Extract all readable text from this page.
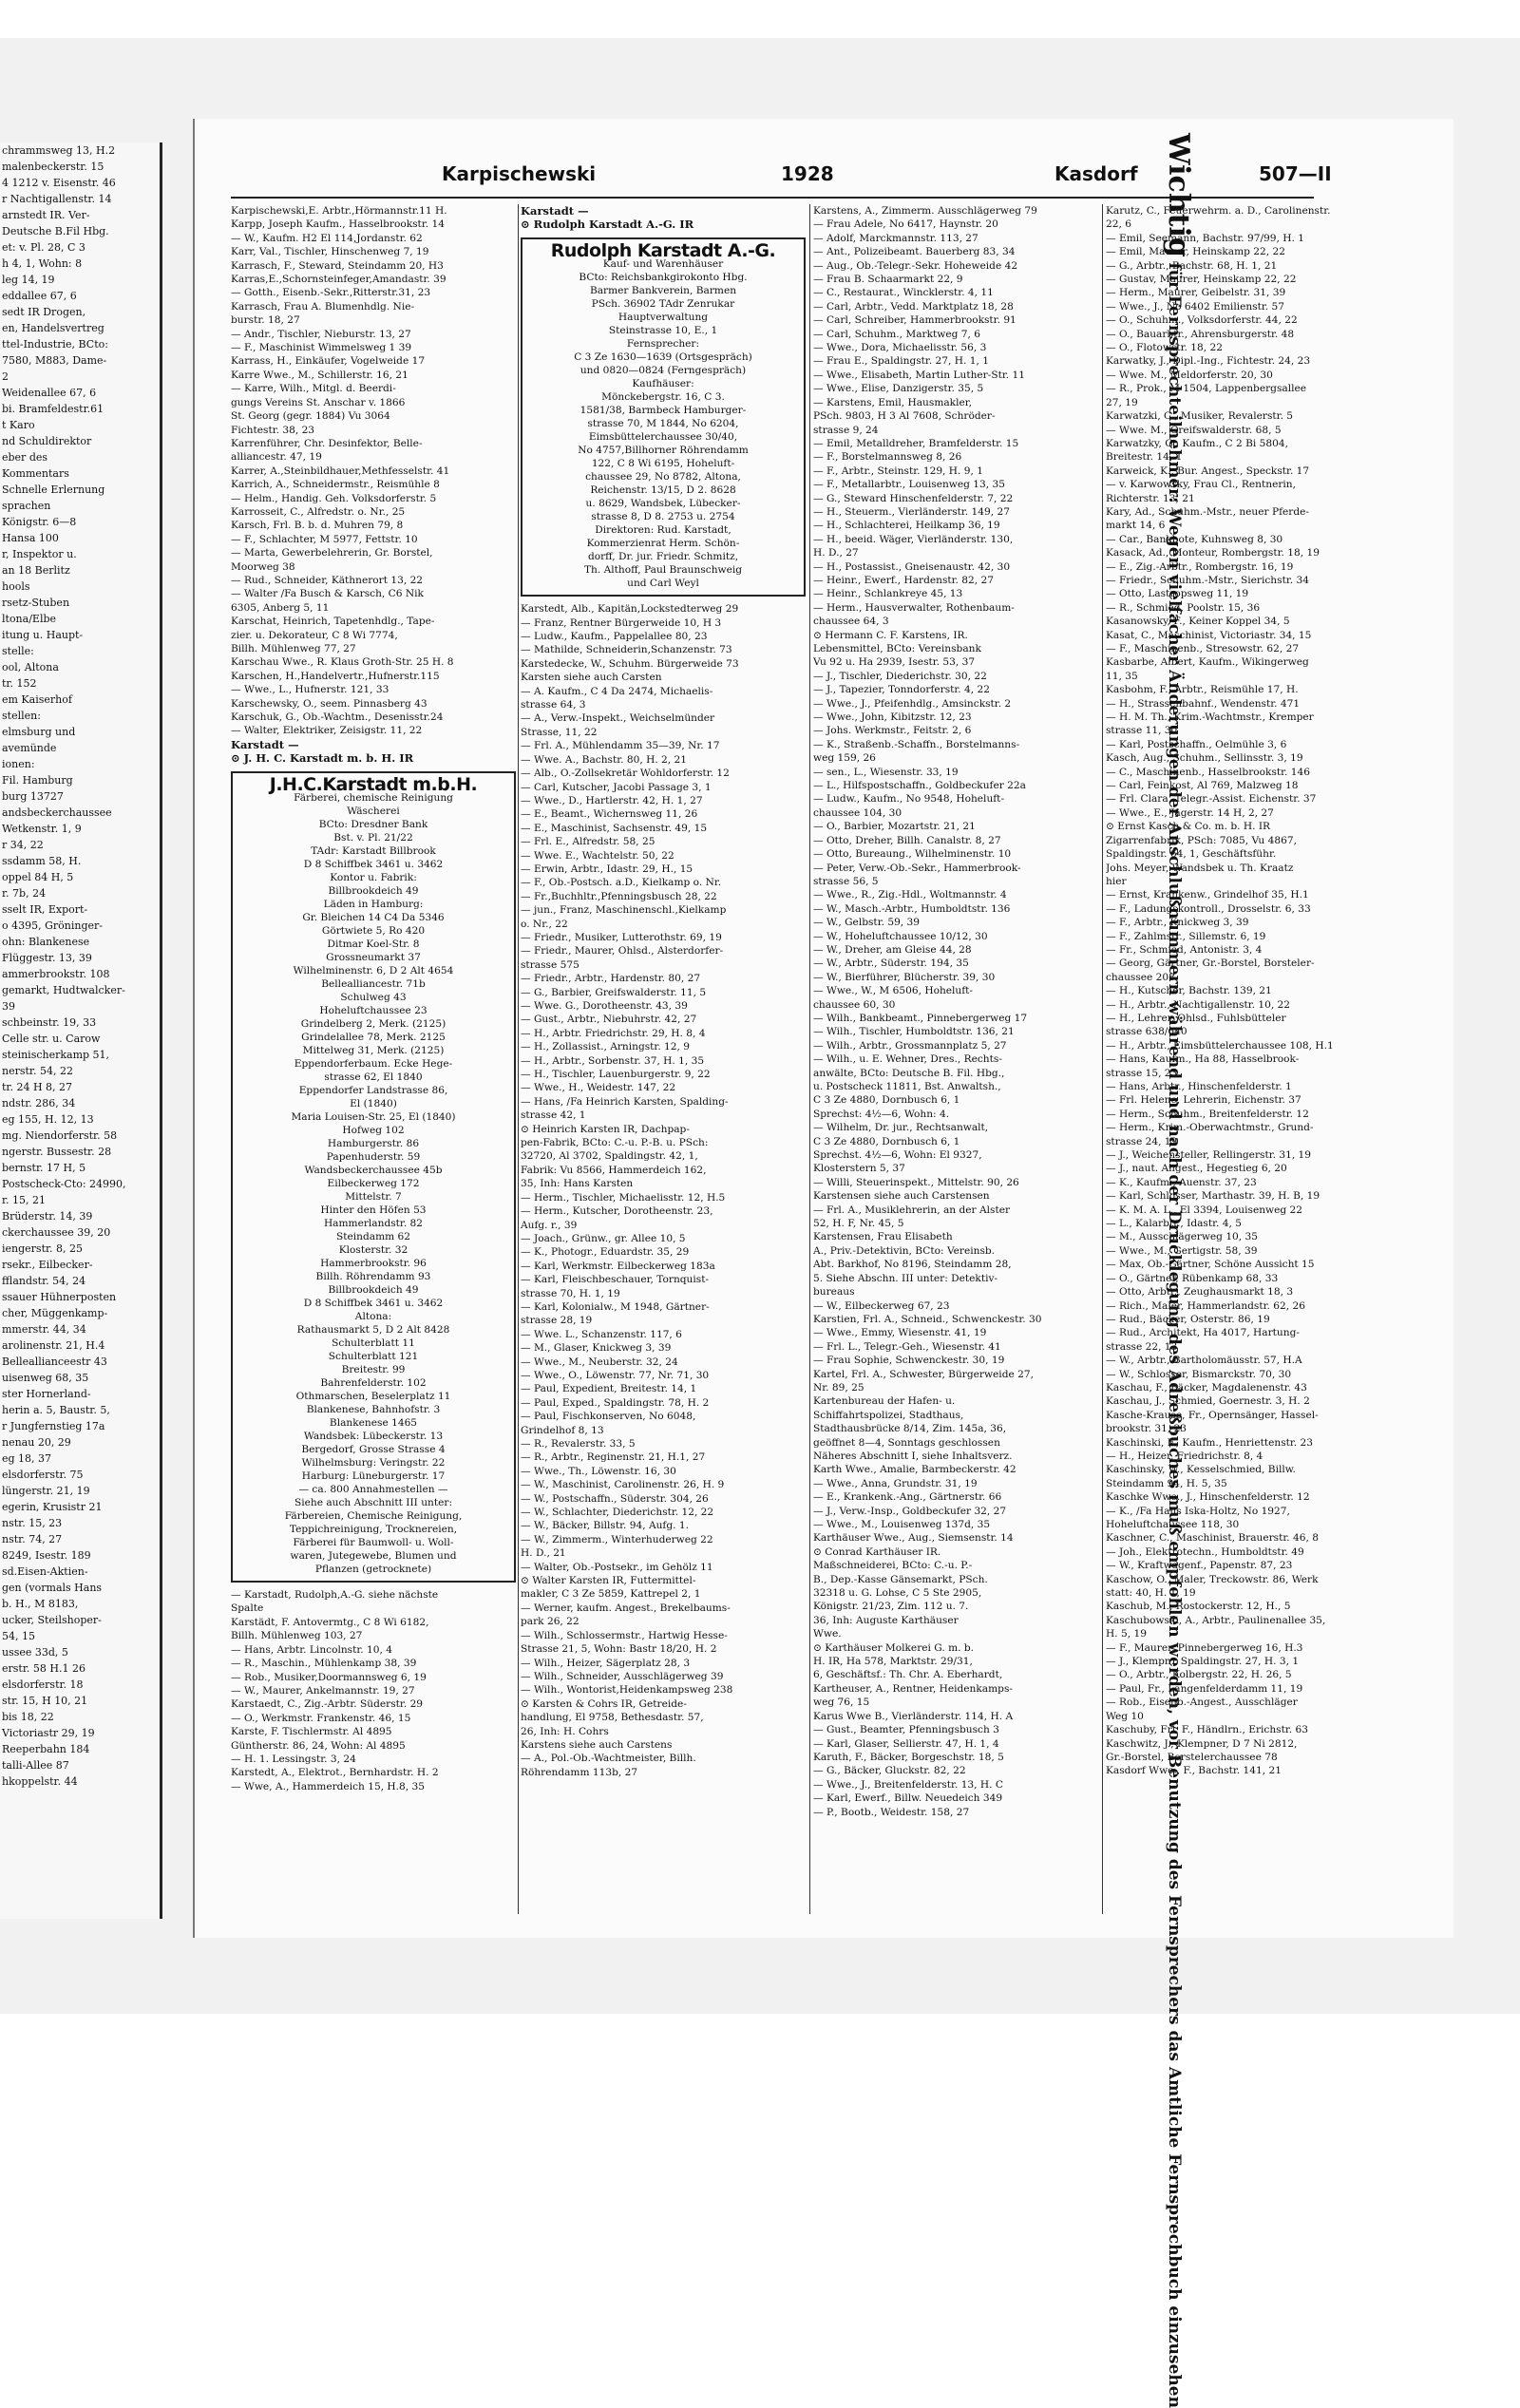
chrammsweg 13, H.2
malenbeckerstr. 15
4 1212 v. Eisenstr. 46
r Nachtigallenstr. 14
arnstedt IR. Ver-
Deutsche B.Fil Hbg.
et: v. Pl. 28, C 3
h 4, 1, Wohn: 8
leg 14, 19
eddallee 67, 6
sedt IR Drogen,
en, Handelsvertreg
ttel-Industrie, BCto:
7580, M883, Dame-
2
Weidenallee 67, 6
bi. Bramfeldestr.61
t Karo
nd Schuldirektor
eber des
Kommentars
Schnelle Erlernung
sprachen
Königstr. 6—8
Hansa 100
r, Inspektor u.
an 18 Berlitz
hools
rsetz-Stuben
ltona/Elbe
itung u. Haupt-
stelle:
ool, Altona
tr. 152
em Kaiserhof
stellen:
elmsburg und
avemünde
ionen:
Fil. Hamburg
burg 13727
andsbeckerchaussee
Wetkenstr. 1, 9
r 34, 22
ssdamm 58, H.
oppel 84 H, 5
r. 7b, 24
sselt IR, Export-
o 4395, Gröninger-
ohn: Blankenese
Flüggestr. 13, 39
ammerbrookstr. 108
gemarkt, Hudtwalcker-
39
schbeinstr. 19, 33
Celle str. u. Carow
steinischerkamp 51,
nerstr. 54, 22
tr. 24 H 8, 27
ndstr. 286, 34
eg 155, H. 12, 13
mg. Niendorferstr. 58
ngerstr. Bussestr. 28
bernstr. 17 H, 5
Postscheck-Cto: 24990,
r. 15, 21
Brüderstr. 14, 39
ckerchaussee 39, 20
iengerstr. 8, 25
rsekr., Eilbecker-
fflandstr. 54, 24
ssauer Hühnerposten
cher, Müggenkamp-
mmerstr. 44, 34
arolinenstr. 21, H.4
Belleallianceestr 43
uisenweg 68, 35
ster Hornerland-
herin a. 5, Baustr. 5,
r Jungfernstieg 17a
nenau 20, 29
eg 18, 37
elsdorferstr. 75
lüngerstr. 21, 19
egerin, Krusistr 21
nstr. 15, 23
nstr. 74, 27
8249, Isestr. 189
sd.Eisen-Aktien-
gen (vormals Hans
b. H., M 8183,
ucker, Steilshoper-
54, 15
ussee 33d, 5
erstr. 58 H.1 26
elsdorferstr. 18
str. 15, H 10, 21
bis 18, 22
Victoriastr 29, 19
Reeperbahn 184
talli-Allee 87
hkoppelstr. 44
Karpischewski	1928	Kasdorf	507—II
Karpischewski,E. Arbtr.,Hörmannstr.11 H.
Karpp, Joseph Kaufm., Hasselbrookstr. 14
— W., Kaufm. H2 El 114,Jordanstr. 62
Karr, Val., Tischler, Hinschenweg 7, 19
Karrasch, F., Steward, Steindamm 20, H3
Karras,E.,Schornsteinfeger,Amandastr. 39
— Gotth., Eisenb.-Sekr.,Ritterstr.31, 23
Karrasch, Frau A. Blumenhdlg. Nie-
burstr. 18, 27
— Andr., Tischler, Nieburstr. 13, 27
— F., Maschinist Wimmelsweg 1 39
Karrass, H., Einkäufer, Vogelweide 17
Karre Wwe., M., Schillerstr. 16, 21
— Karre, Wilh., Mitgl. d. Beerdi-
gungs Vereins St. Anschar v. 1866
St. Georg (gegr. 1884) Vu 3064
Fichtestr. 38, 23
Karrenführer, Chr. Desinfektor, Belle-
alliancestr. 47, 19
Karrer, A.,Steinbildhauer,Methfesselstr. 41
Karrich, A., Schneidermstr., Reismühle 8
— Helm., Handig. Geh. Volksdorferstr. 5
Karrosseit, C., Alfredstr. o. Nr., 25
Karsch, Frl. B. b. d. Muhren 79, 8
— F., Schlachter, M 5977, Fettstr. 10
— Marta, Gewerbelehrerin, Gr. Borstel,
Moorweg 38
— Rud., Schneider, Käthnerort 13, 22
— Walter /Fa Busch & Karsch, C6 Nik
6305, Anberg 5, 11
Karschat, Heinrich, Tapetenhdlg., Tape-
zier. u. Dekorateur, C 8 Wi 7774,
Billh. Mühlenweg 77, 27
Karschau Wwe., R. Klaus Groth-Str. 25 H. 8
Karschen, H.,Handelvertr.,Hufnerstr.115
— Wwe., L., Hufnerstr. 121, 33
Karschewsky, O., seem. Pinnasberg 43
Karschuk, G., Ob.-Wachtm., Desenisstr.24
— Walter, Elektriker, Zeisigstr. 11, 22
Karstadt —
⊙ J. H. C. Karstadt m. b. H. IR
J.H.C.Karstadt m.b.H.
Färberei, chemische Reinigung
Wäscherei
BCto: Dresdner Bank
Bst. v. Pl. 21/22
TAdr: Karstadt Billbrook
D 8 Schiffbek 3461 u. 3462
Kontor u. Fabrik:
Billbrookdeich 49
Läden in Hamburg:
Gr. Bleichen 14 C4 Da 5346
Görtwiete 5, Ro 420
Ditmar Koel-Str. 8
Grossneumarkt 37
Wilhelminenstr. 6, D 2 Alt 4654
Bellealliancestr. 71b
Schulweg 43
Hoheluftchaussee 23
Grindelberg 2, Merk. (2125)
Grindelallee 78, Merk. 2125
Mittelweg 31, Merk. (2125)
Eppendorferbaum. Ecke Hege-
strasse 62, El 1840
Eppendorfer Landstrasse 86,
El (1840)
Maria Louisen-Str. 25, El (1840)
Hofweg 102
Hamburgerstr. 86
Papenhuderstr. 59
Wandsbeckerchaussee 45b
Eilbeckerweg 172
Mittelstr. 7
Hinter den Höfen 53
Hammerlandstr. 82
Steindamm 62
Klosterstr. 32
Hammerbrookstr. 96
Billh. Röhrendamm 93
Billbrookdeich 49
D 8 Schiffbek 3461 u. 3462
Altona:
Rathausmarkt 5, D 2 Alt 8428
Schulterblatt 11
Schulterblatt 121
Breitestr. 99
Bahrenfelderstr. 102
Othmarschen, Beselerplatz 11
Blankenese, Bahnhofstr. 3
Blankenese 1465
Wandsbek: Lübeckerstr. 13
Bergedorf, Grosse Strasse 4
Wilhelmsburg: Veringstr. 22
Harburg: Lüneburgerstr. 17
— ca. 800 Annahmestellen —
Siehe auch Abschnitt III unter:
Färbereien, Chemische Reinigung,
Teppichreinigung, Trocknereien,
Färberei für Baumwoll- u. Woll-
waren, Jutegewebe, Blumen und
Pflanzen (getrocknete)
— Karstadt, Rudolph,A.-G. siehe nächste
Spalte
Karstädt, F. Antovermtg., C 8 Wi 6182,
Billh. Mühlenweg 103, 27
— Hans, Arbtr. Lincolnstr. 10, 4
— R., Maschin., Mühlenkamp 38, 39
— Rob., Musiker,Doormannsweg 6, 19
— W., Maurer, Ankelmannstr. 19, 27
Karstaedt, C., Zig.-Arbtr. Süderstr. 29
— O., Werkmstr. Frankenstr. 46, 15
Karste, F. Tischlermstr. Al 4895
Güntherstr. 86, 24, Wohn: Al 4895
— H. 1. Lessingstr. 3, 24
Karstedt, A., Elektrot., Bernhardstr. H. 2
— Wwe, A., Hammerdeich 15, H.8, 35
Karstadt —
⊙ Rudolph Karstadt A.-G. IR
Rudolph Karstadt A.-G.
Kauf- und Warenhäuser
BCto: Reichsbankgirokonto Hbg.
Barmer Bankverein, Barmen
PSch. 36902 TAdr Zenrukar
Hauptverwaltung
Steinstrasse 10, E., 1
Fernsprecher:
C 3 Ze 1630—1639 (Ortsgespräch)
und 0820—0824 (Ferngespräch)
Kaufhäuser:
Mönckebergstr. 16, C 3.
1581/38, Barmbeck Hamburger-
strasse 70, M 1844, No 6204,
Eimsbüttelerchaussee 30/40,
No 4757,Billhorner Röhrendamm
122, C 8 Wi 6195, Hoheluft-
chaussee 29, No 8782, Altona,
Reichenstr. 13/15, D 2. 8628
u. 8629, Wandsbek, Lübecker-
strasse 8, D 8. 2753 u. 2754
Direktoren: Rud. Karstadt,
Kommerzienrat Herm. Schön-
dorff, Dr. jur. Friedr. Schmitz,
Th. Althoff, Paul Braunschweig
und Carl Weyl
Karstedt, Alb., Kapitän,Lockstedterweg 29
— Franz, Rentner Bürgerweide 10, H 3
— Ludw., Kaufm., Pappelallee 80, 23
— Mathilde, Schneiderin,Schanzenstr. 73
Karstedecke, W., Schuhm. Bürgerweide 73
Karsten siehe auch Carsten
— A. Kaufm., C 4 Da 2474, Michaelis-
strasse 64, 3
— A., Verw.-Inspekt., Weichselmünder
Strasse, 11, 22
— Frl. A., Mühlendamm 35—39, Nr. 17
— Wwe. A., Bachstr. 80, H. 2, 21
— Alb., O.-Zollsekretär Wohldorferstr. 12
— Carl, Kutscher, Jacobi Passage 3, 1
— Wwe., D., Hartlerstr. 42, H. 1, 27
— E., Beamt., Wichernsweg 11, 26
— E., Maschinist, Sachsenstr. 49, 15
— Frl. E., Alfredstr. 58, 25
— Wwe. E., Wachtelstr. 50, 22
— Erwin, Arbtr., Idastr. 29, H., 15
— F., Ob.-Postsch. a.D., Kielkamp o. Nr.
— Fr.,Buchhltr.,Pfenningsbusch 28, 22
— jun., Franz, Maschinenschl.,Kielkamp
o. Nr., 22
— Friedr., Musiker, Lutterothstr. 69, 19
— Friedr., Maurer, Ohlsd., Alsterdorfer-
strasse 575
— Friedr., Arbtr., Hardenstr. 80, 27
— G., Barbier, Greifswalderstr. 11, 5
— Wwe. G., Dorotheenstr. 43, 39
— Gust., Arbtr., Niebuhrstr. 42, 27
— H., Arbtr. Friedrichstr. 29, H. 8, 4
— H., Zollassist., Arningstr. 12, 9
— H., Arbtr., Sorbenstr. 37, H. 1, 35
— H., Tischler, Lauenburgerstr. 9, 22
— Wwe., H., Weidestr. 147, 22
— Hans, /Fa Heinrich Karsten, Spalding-
strasse 42, 1
⊙ Heinrich Karsten IR, Dachpap-
pen-Fabrik, BCto: C.-u. P.-B. u. PSch:
32720, Al 3702, Spaldingstr. 42, 1,
Fabrik: Vu 8566, Hammerdeich 162,
35, Inh: Hans Karsten
— Herm., Tischler, Michaelisstr. 12, H.5
— Herm., Kutscher, Dorotheenstr. 23,
Aufg. r., 39
— Joach., Grünw., gr. Allee 10, 5
— K., Photogr., Eduardstr. 35, 29
— Karl, Werkmstr. Eilbeckerweg 183a
— Karl, Fleischbeschauer, Tornquist-
strasse 70, H. 1, 19
— Karl, Kolonialw., M 1948, Gärtner-
strasse 28, 19
— Wwe. L., Schanzenstr. 117, 6
— M., Glaser, Knickweg 3, 39
— Wwe., M., Neuberstr. 32, 24
— Wwe., O., Löwenstr. 77, Nr. 71, 30
— Paul, Expedient, Breitestr. 14, 1
— Paul, Exped., Spaldingstr. 78, H. 2
— Paul, Fischkonserven, No 6048,
Grindelhof 8, 13
— R., Revalerstr. 33, 5
— R., Arbtr., Reginenstr. 21, H.1, 27
— Wwe., Th., Löwenstr. 16, 30
— W., Maschinist, Carolinenstr. 26, H. 9
— W., Postschaffn., Süderstr. 304, 26
— W., Schlachter, Diederichstr. 12, 22
— W., Bäcker, Billstr. 94, Aufg. 1.
— W., Zimmerm., Winterhuderweg 22
H. D., 21
— Walter, Ob.-Postsekr., im Gehölz 11
⊙ Walter Karsten IR, Futtermittel-
makler, C 3 Ze 5859, Kattrepel 2, 1
— Werner, kaufm. Angest., Brekelbaums-
park 26, 22
— Wilh., Schlossermstr., Hartwig Hesse-
Strasse 21, 5, Wohn: Bastr 18/20, H. 2
— Wilh., Heizer, Sägerplatz 28, 3
— Wilh., Schneider, Ausschlägerweg 39
— Wilh., Wontorist,Heidenkampsweg 238
⊙ Karsten & Cohrs IR, Getreide-
handlung, El 9758, Bethesdastr. 57,
26, Inh: H. Cohrs
Karstens siehe auch Carstens
— A., Pol.-Ob.-Wachtmeister, Billh.
Röhrendamm 113b, 27
Karstens, A., Zimmerm. Ausschlägerweg 79
— Frau Adele, No 6417, Haynstr. 20
— Adolf, Marckmannstr. 113, 27
— Ant., Polizeibeamt. Bauerberg 83, 34
— Aug., Ob.-Telegr.-Sekr. Hoheweide 42
— Frau B. Schaarmarkt 22, 9
— C., Restaurat., Wincklerstr. 4, 11
— Carl, Arbtr., Vedd. Marktplatz 18, 28
— Carl, Schreiber, Hammerbrookstr. 91
— Carl, Schuhm., Marktweg 7, 6
— Wwe., Dora, Michaelisstr. 56, 3
— Frau E., Spaldingstr. 27, H. 1, 1
— Wwe., Elisabeth, Martin Luther-Str. 11
— Wwe., Elise, Danzigerstr. 35, 5
— Karstens, Emil, Hausmakler,
PSch. 9803, H 3 Al 7608, Schröder-
strasse 9, 24
— Emil, Metalldreher, Bramfelderstr. 15
— F., Borstelmannsweg 8, 26
— F., Arbtr., Steinstr. 129, H. 9, 1
— F., Metallarbtr., Louisenweg 13, 35
— G., Steward Hinschenfelderstr. 7, 22
— H., Steuerm., Vierländerstr. 149, 27
— H., Schlachterei, Heilkamp 36, 19
— H., beeid. Wäger, Vierländerstr. 130,
H. D., 27
— H., Postassist., Gneisenaustr. 42, 30
— Heinr., Ewerf., Hardenstr. 82, 27
— Heinr., Schlankreye 45, 13
— Herm., Hausverwalter, Rothenbaum-
chaussee 64, 3
⊙ Hermann C. F. Karstens, IR.
Lebensmittel, BCto: Vereinsbank
Vu 92 u. Ha 2939, Isestr. 53, 37
— J., Tischler, Diederichstr. 30, 22
— J., Tapezier, Tonndorferstr. 4, 22
— Wwe., J., Pfeifenhdlg., Amsinckstr. 2
— Wwe., John, Kibitzstr. 12, 23
— Johs. Werkmstr., Feitstr. 2, 6
— K., Straßenb.-Schaffn., Borstelmanns-
weg 159, 26
— sen., L., Wiesenstr. 33, 19
— L., Hilfspostschaffn., Goldbeckufer 22a
— Ludw., Kaufm., No 9548, Hoheluft-
chaussee 104, 30
— O., Barbier, Mozartstr. 21, 21
— Otto, Dreher, Billh. Canalstr. 8, 27
— Otto, Bureaung., Wilhelminenstr. 10
— Peter, Verw.-Ob.-Sekr., Hammerbrook-
strasse 56, 5
— Wwe., R., Zig.-Hdl., Woltmannstr. 4
— W., Masch.-Arbtr., Humboldtstr. 136
— W., Gelbstr. 59, 39
— W., Hoheluftchaussee 10/12, 30
— W., Dreher, am Gleise 44, 28
— W., Arbtr., Süderstr. 194, 35
— W., Bierführer, Blücherstr. 39, 30
— Wwe., W., M 6506, Hoheluft-
chaussee 60, 30
— Wilh., Bankbeamt., Pinnebergerweg 17
— Wilh., Tischler, Humboldtstr. 136, 21
— Wilh., Arbtr., Grossmannplatz 5, 27
— Wilh., u. E. Wehner, Dres., Rechts-
anwälte, BCto: Deutsche B. Fil. Hbg.,
u. Postscheck 11811, Bst. Anwaltsh.,
C 3 Ze 4880, Dornbusch 6, 1
Sprechst: 4½—6, Wohn: 4.
— Wilhelm, Dr. jur., Rechtsanwalt,
C 3 Ze 4880, Dornbusch 6, 1
Sprechst. 4½—6, Wohn: El 9327,
Klosterstern 5, 37
— Willi, Steuerinspekt., Mittelstr. 90, 26
Karstensen siehe auch Carstensen
— Frl. A., Musiklehrerin, an der Alster
52, H. F, Nr. 45, 5
Karstensen, Frau Elisabeth
A., Priv.-Detektivin, BCto: Vereinsb.
Abt. Barkhof, No 8196, Steindamm 28,
5. Siehe Abschn. III unter: Detektiv-
bureaus
— W., Eilbeckerweg 67, 23
Karstien, Frl. A., Schneid., Schwenckestr. 30
— Wwe., Emmy, Wiesenstr. 41, 19
— Frl. L., Telegr.-Geh., Wiesenstr. 41
— Frau Sophie, Schwenckestr. 30, 19
Kartel, Frl. A., Schwester, Bürgerweide 27,
Nr. 89, 25
Kartenbureau der Hafen- u.
Schiffahrtspolizei, Stadthaus,
Stadthausbrücke 8/14, Zim. 145a, 36,
geöffnet 8—4, Sonntags geschlossen
Näheres Abschnitt I, siehe Inhaltsverz.
Karth Wwe., Amalie, Barmbeckerstr. 42
— Wwe., Anna, Grundstr. 31, 19
— E., Krankenk.-Ang., Gärtnerstr. 66
— J., Verw.-Insp., Goldbeckufer 32, 27
— Wwe., M., Louisenweg 137d, 35
Karthäuser Wwe., Aug., Siemsenstr. 14
⊙ Conrad Karthäuser IR.
Maßschneiderei, BCto: C.-u. P.-
B., Dep.-Kasse Gänsemarkt, PSch.
32318 u. G. Lohse, C 5 Ste 2905,
Königstr. 21/23, Zim. 112 u. 7.
36, Inh: Auguste Karthäuser
Wwe.
⊙ Karthäuser Molkerei G. m. b.
H. IR, Ha 578, Marktstr. 29/31,
6, Geschäftsf.: Th. Chr. A. Eberhardt,
Kartheuser, A., Rentner, Heidenkamps-
weg 76, 15
Karus Wwe B., Vierländerstr. 114, H. A
— Gust., Beamter, Pfenningsbusch 3
— Karl, Glaser, Sellierstr. 47, H. 1, 4
Karuth, F., Bäcker, Borgeschstr. 18, 5
— G., Bäcker, Gluckstr. 82, 22
— Wwe., J., Breitenfelderstr. 13, H. C
— Karl, Ewerf., Billw. Neuedeich 349
— P., Bootb., Weidestr. 158, 27
Karutz, C., Feuerwehrm. a. D., Carolinenstr.
22, 6
— Emil, Seemann, Bachstr. 97/99, H. 1
— Emil, Maurer, Heinskamp 22, 22
— G., Arbtr., Bachstr. 68, H. 1, 21
— Gustav, Maurer, Heinskamp 22, 22
— Herm., Maurer, Geibelstr. 31, 39
— Wwe., J., No 6402 Emilienstr. 57
— O., Schuhm., Volksdorferstr. 44, 22
— O., Bauarbtr., Ahrensburgerstr. 48
— O., Flotowstr. 18, 22
Karwatky, J., Dipl.-Ing., Fichtestr. 24, 23
— Wwe. M., Meldorferstr. 20, 30
— R., Prok., M 1504, Lappenbergsallee
27, 19
Karwatzki, C., Musiker, Revalerstr. 5
— Wwe. M., Greifswalderstr. 68, 5
Karwatzky, G., Kaufm., C 2 Bi 5804,
Breitestr. 14, 1
Karweick, K., Bur. Angest., Speckstr. 17
— v. Karwowsky, Frau Cl., Rentnerin,
Richterstr. 13, 21
Kary, Ad., Schuhm.-Mstr., neuer Pferde-
markt 14, 6
— Car., Bankbote, Kuhnsweg 8, 30
Kasack, Ad., Monteur, Rombergstr. 18, 19
— E., Zig.-Arbtr., Rombergstr. 16, 19
— Friedr., Schuhm.-Mstr., Sierichstr. 34
— Otto, Lastropsweg 11, 19
— R., Schmied, Poolstr. 15, 36
Kasanowsky, F., Keiner Koppel 34, 5
Kasat, C., Maschinist, Victoriastr. 34, 15
— F., Maschinenb., Stresowstr. 62, 27
Kasbarbe, Albert, Kaufm., Wikingerweg
11, 35
Kasbohm, F., Arbtr., Reismühle 17, H.
— H., Strassenbahnf., Wendenstr. 471
— H. M. Th., Krim.-Wachtmstr., Kremper
strasse 11, 30
— Karl, Postschaffn., Oelmühle 3, 6
Kasch, Aug., Schuhm., Sellinsstr. 3, 19
— C., Maschinenb., Hasselbrookstr. 146
— Carl, Feinkost, Al 769, Malzweg 18
— Frl. Clara, Telegr.-Assist. Eichenstr. 37
— Wwe., E., Jägerstr. 14 H, 2, 27
⊙ Ernst Kasch & Co. m. b. H. IR
Zigarrenfabrik, PSch: 7085, Vu 4867,
Spaldingstr. 64, 1, Geschäftsführ.
Johs. Meyer, Wandsbek u. Th. Kraatz
hier
— Ernst, Krankenw., Grindelhof 35, H.1
— F., Ladungskontroll., Drosselstr. 6, 33
— F., Arbtr., Knickweg 3, 39
— F., Zahlmstr., Sillemstr. 6, 19
— Fr., Schmied, Antonistr. 3, 4
— Georg, Gärtner, Gr.-Borstel, Borsteler-
chaussee 208
— H., Kutscher, Bachstr. 139, 21
— H., Arbtr., Nachtigallenstr. 10, 22
— H., Lehrer, Ohlsd., Fuhlsbütteler
strasse 638/640
— H., Arbtr., Eimsbüttelerchaussee 108, H.1
— Hans, Kaufm., Ha 88, Hasselbrook-
strasse 15, 23
— Hans, Arbtr., Hinschenfelderstr. 1
— Frl. Helene, Lehrerin, Eichenstr. 37
— Herm., Schuhm., Breitenfelderstr. 12
— Herm., Krim.-Oberwachtmstr., Grund-
strasse 24, 19
— J., Weichensteller, Rellingerstr. 31, 19
— J., naut. Angest., Hegestieg 6, 20
— K., Kaufm., Auenstr. 37, 23
— Karl, Schlosser, Marthastr. 39, H. B, 19
— K. M. A. L., El 3394, Louisenweg 22
— L., Kalarbtr., Idastr. 4, 5
— M., Ausschlägerweg 10, 35
— Wwe., M., Gertigstr. 58, 39
— Max, Ob.-Gärtner, Schöne Aussicht 15
— O., Gärtner, Rübenkamp 68, 33
— Otto, Arbtr., Zeughausmarkt 18, 3
— Rich., Maler, Hammerlandstr. 62, 26
— Rud., Bäcker, Osterstr. 86, 19
— Rud., Architekt, Ha 4017, Hartung-
strasse 22, 13
— W., Arbtr., Bartholomäusstr. 57, H.A
— W., Schlosser, Bismarckstr. 70, 30
Kaschau, F., Bäcker, Magdalenenstr. 43
Kaschau, J., Schmied, Goernestr. 3, H. 2
Kasche-Krause, Fr., Opernsänger, Hassel-
brookstr. 31, 23
Kaschinski, F., Kaufm., Henriettenstr. 23
— H., Heizer, Friedrichstr. 8, 4
Kaschinsky, W., Kesselschmied, Billw.
Steindamm 94, H. 5, 35
Kaschke Wwe., J., Hinschenfelderstr. 12
— K., /Fa Hans Iska-Holtz, No 1927,
Hoheluftchaussee 118, 30
Kaschner, C., Maschinist, Brauerstr. 46, 8
— Joh., Elektrotechn., Humboldtstr. 49
— W., Kraftwagenf., Papenstr. 87, 23
Kaschow, O., Maler, Treckowstr. 86, Werk
statt: 40, H. 1, 19
Kaschub, M., Rostockerstr. 12, H., 5
Kaschubowski, A., Arbtr., Paulinenallee 35,
H. 5, 19
— F., Maurer, Pinnebergerweg 16, H.3
— J., Klempn., Spaldingstr. 27, H. 3, 1
— O., Arbtr., Kolbergstr. 22, H. 26, 5
— Paul, Fr., Langenfelderdamm 11, 19
— Rob., Eisenb.-Angest., Ausschläger
Weg 10
Kaschuby, Frl. F., Händlrn., Erichstr. 63
Kaschwitz, J., Klempner, D 7 Ni 2812,
Gr.-Borstel, Borstelerchaussee 78
Kasdorf Wwe., F., Bachstr. 141, 21
Wichtig für Fernsprechteilnehmer: Wegen vielfacher Änderungen der Anschlußnummern während und nach der Drucklegung des Adreßbuches muß empfohlen werden, vor Benutzung des Fernsprechers das Amtliche Fernsprechbuch einzusehen
